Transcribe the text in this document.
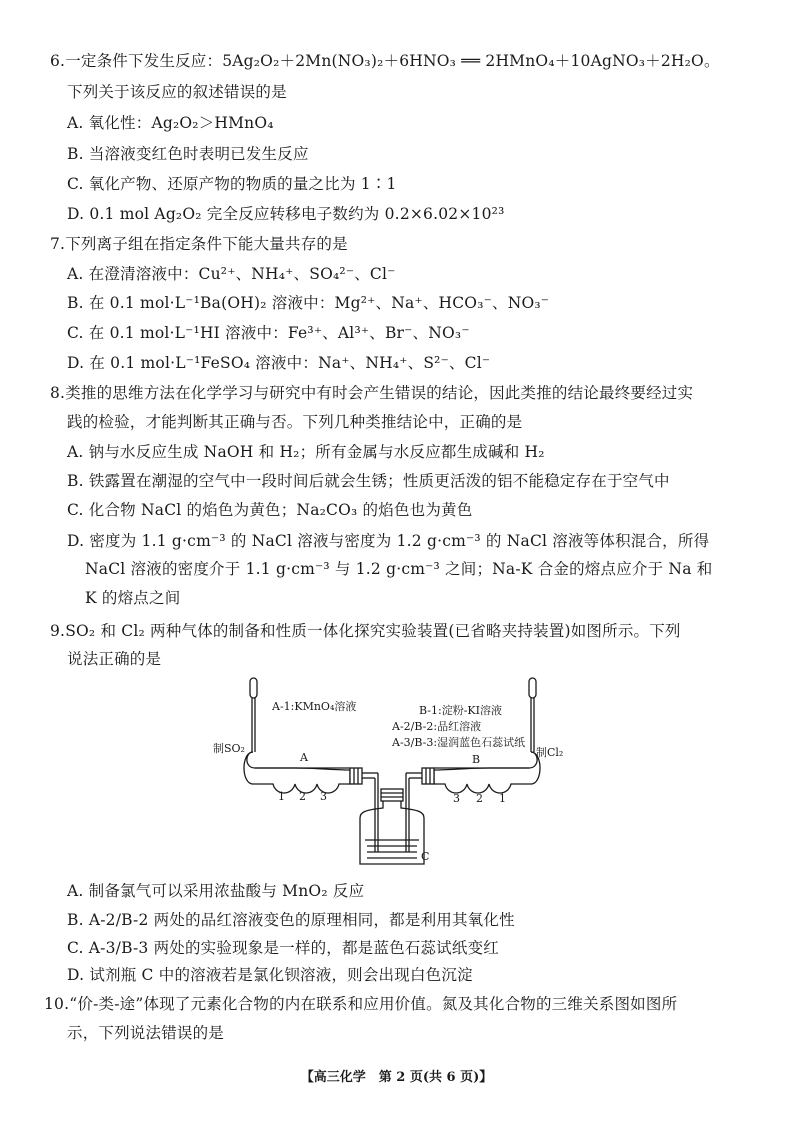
6.一定条件下发生反应：5Ag₂O₂＋2Mn(NO₃)₂＋6HNO₃ ══ 2HMnO₄＋10AgNO₃＋2H₂O。
下列关于该反应的叙述错误的是
A. 氧化性：Ag₂O₂＞HMnO₄
B. 当溶液变红色时表明已发生反应
C. 氧化产物、还原产物的物质的量之比为 1∶1
D. 0.1 mol Ag₂O₂ 完全反应转移电子数约为 0.2×6.02×10²³
7.下列离子组在指定条件下能大量共存的是
A. 在澄清溶液中：Cu²⁺、NH₄⁺、SO₄²⁻、Cl⁻
B. 在 0.1 mol·L⁻¹Ba(OH)₂ 溶液中：Mg²⁺、Na⁺、HCO₃⁻、NO₃⁻
C. 在 0.1 mol·L⁻¹HI 溶液中：Fe³⁺、Al³⁺、Br⁻、NO₃⁻
D. 在 0.1 mol·L⁻¹FeSO₄ 溶液中：Na⁺、NH₄⁺、S²⁻、Cl⁻
8.类推的思维方法在化学学习与研究中有时会产生错误的结论，因此类推的结论最终要经过实
践的检验，才能判断其正确与否。下列几种类推结论中，正确的是
A. 钠与水反应生成 NaOH 和 H₂；所有金属与水反应都生成碱和 H₂
B. 铁露置在潮湿的空气中一段时间后就会生锈；性质更活泼的铝不能稳定存在于空气中
C. 化合物 NaCl 的焰色为黄色；Na₂CO₃ 的焰色也为黄色
D. 密度为 1.1 g·cm⁻³ 的 NaCl 溶液与密度为 1.2 g·cm⁻³ 的 NaCl 溶液等体积混合，所得
NaCl 溶液的密度介于 1.1 g·cm⁻³ 与 1.2 g·cm⁻³ 之间；Na-K 合金的熔点应介于 Na 和
K 的熔点之间
9.SO₂ 和 Cl₂ 两种气体的制备和性质一体化探究实验装置(已省略夹持装置)如图所示。下列
说法正确的是
A-1:KMnO₄溶液	B-1:淀粉-KI溶液
A-2/B-2:品红溶液
A-3/B-3:湿润蓝色石蕊试纸
制SO₂	制Cl₂
A	B
C
1 2 3	3 2 1
A. 制备氯气可以采用浓盐酸与 MnO₂ 反应
B. A-2/B-2 两处的品红溶液变色的原理相同，都是利用其氧化性
C. A-3/B-3 两处的实验现象是一样的，都是蓝色石蕊试纸变红
D. 试剂瓶 C 中的溶液若是氯化钡溶液，则会出现白色沉淀
10.“价-类-途”体现了元素化合物的内在联系和应用价值。氮及其化合物的三维关系图如图所
示，下列说法错误的是
【高三化学　第 2 页(共 6 页)】
